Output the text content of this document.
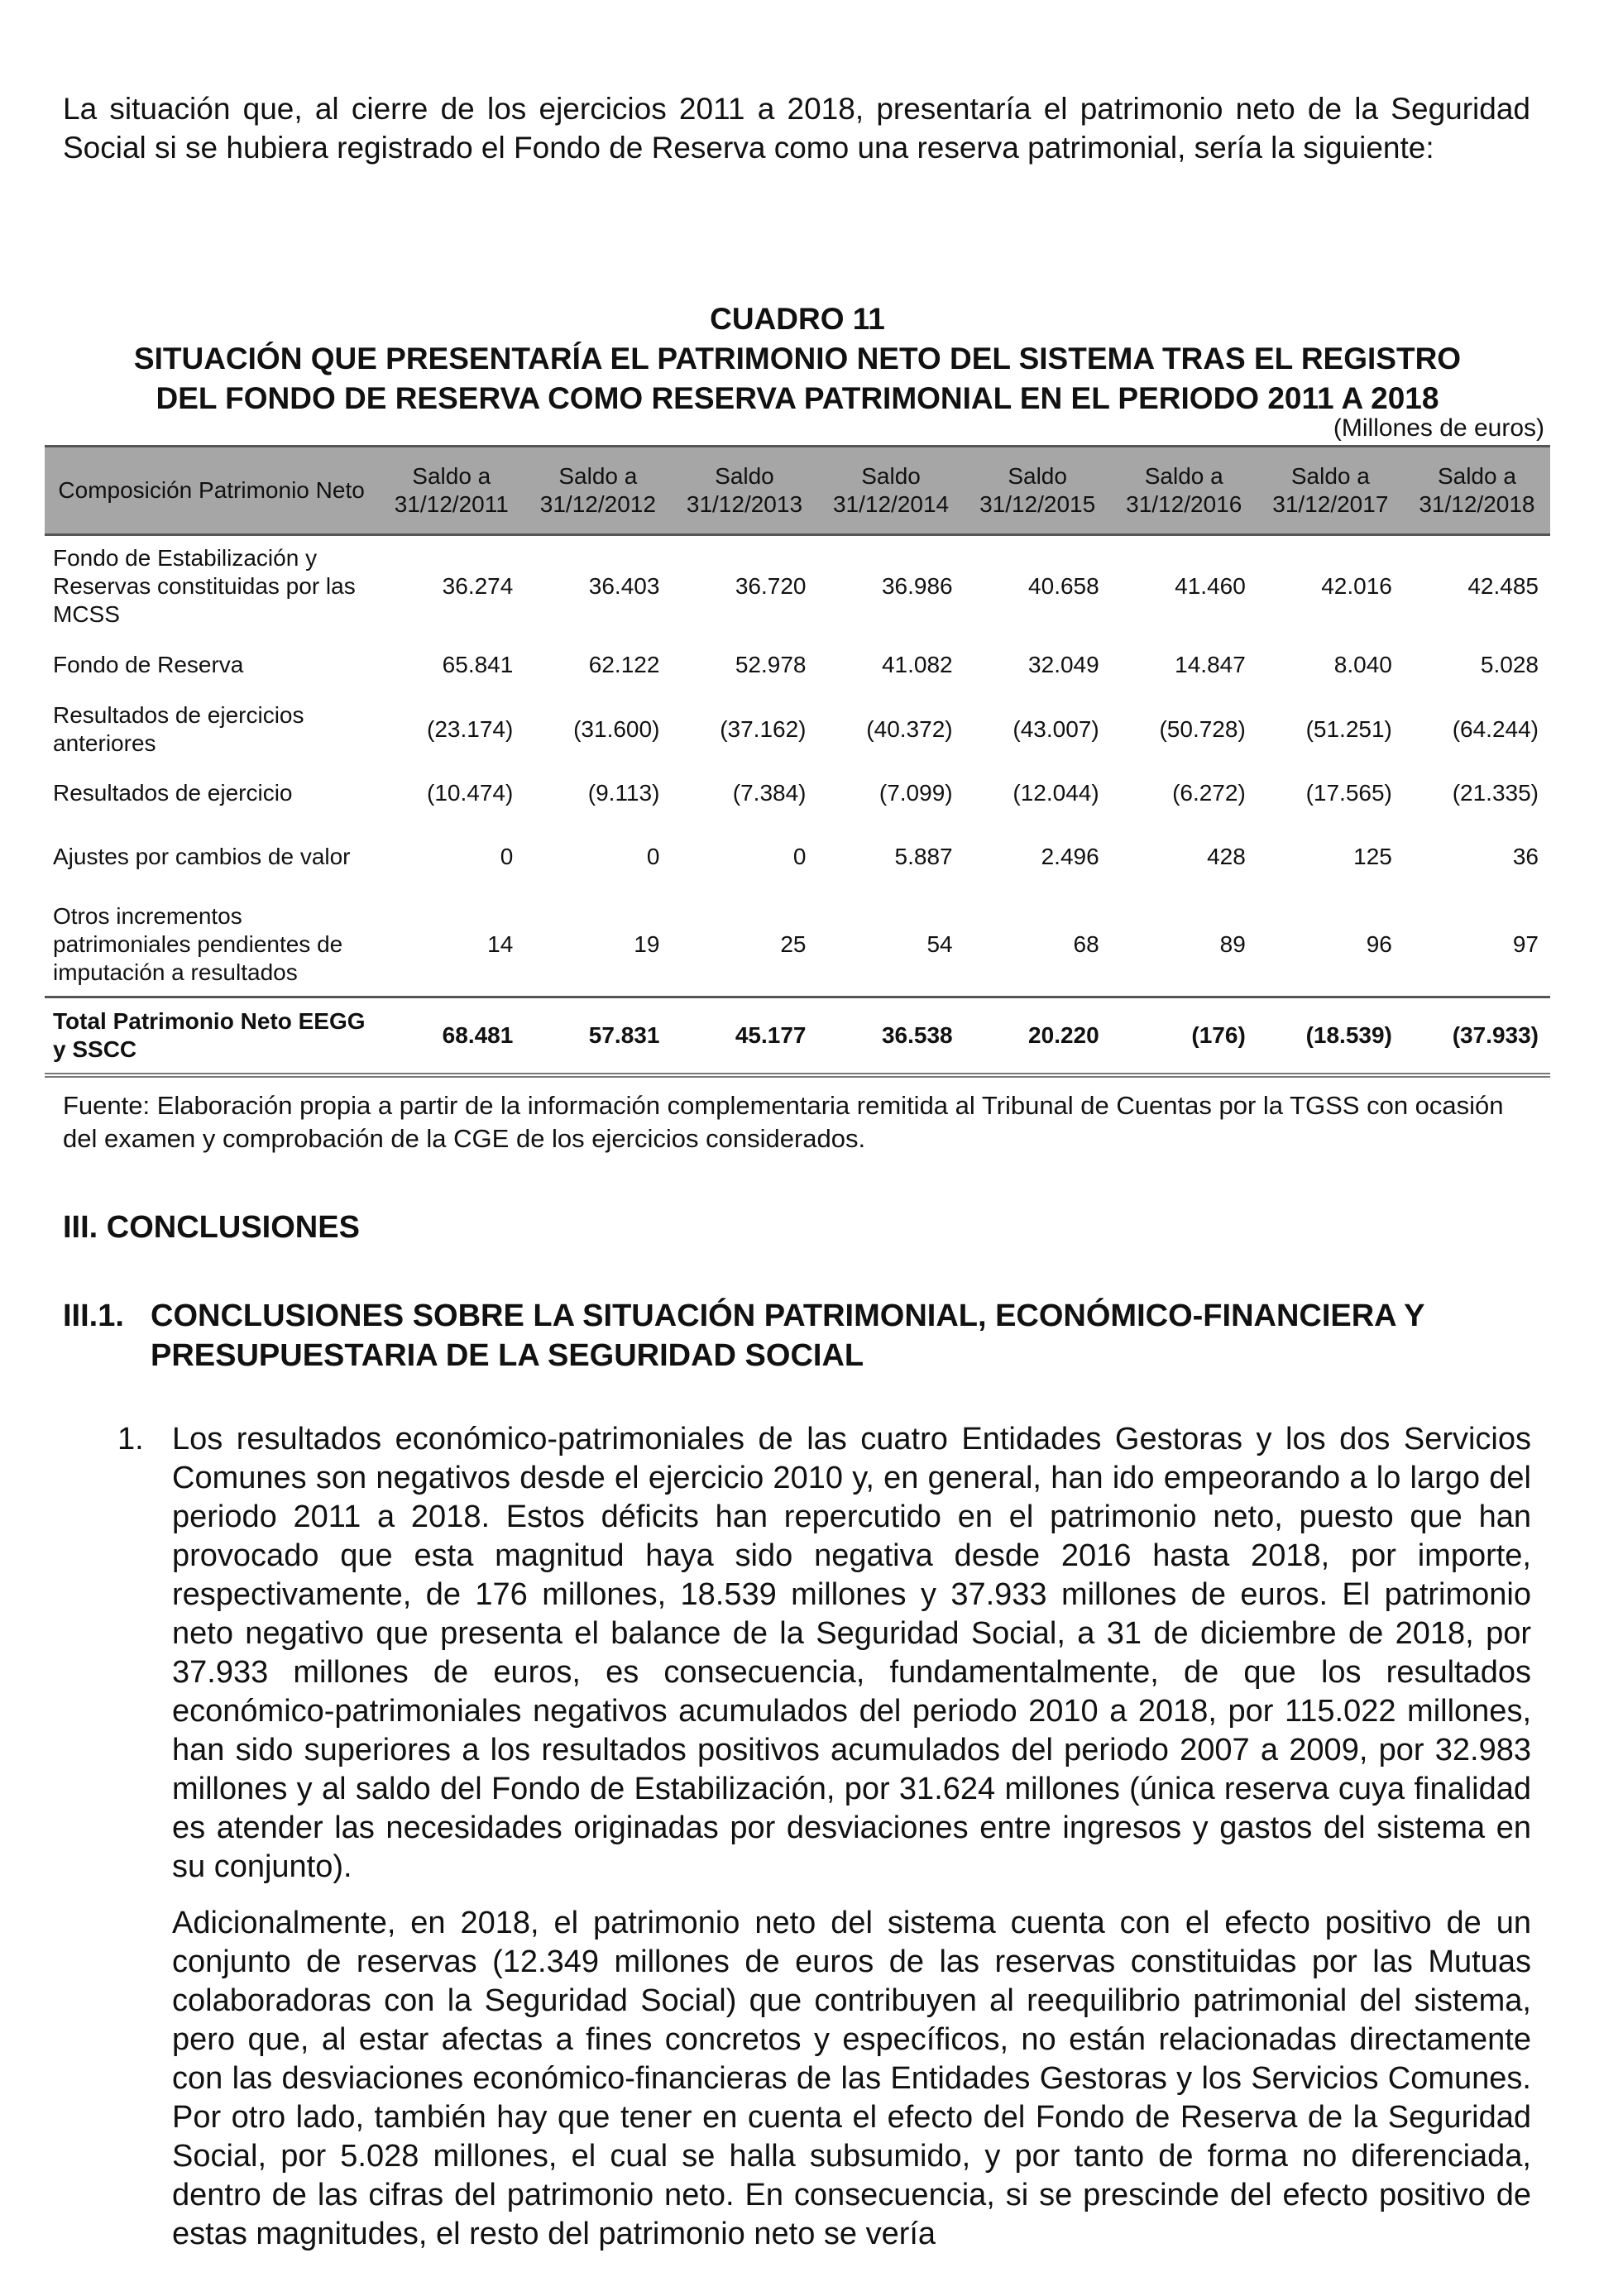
La situación que, al cierre de los ejercicios 2011 a 2018, presentaría el patrimonio neto de la Seguridad Social si se hubiera registrado el Fondo de Reserva como una reserva patrimonial, sería la siguiente:

CUADRO 11
SITUACIÓN QUE PRESENTARÍA EL PATRIMONIO NETO DEL SISTEMA TRAS EL REGISTRO
DEL FONDO DE RESERVA COMO RESERVA PATRIMONIAL EN EL PERIODO 2011 A 2018
(Millones de euros)
Composición Patrimonio Neto	Saldo a 31/12/2011	Saldo a 31/12/2012	Saldo 31/12/2013	Saldo 31/12/2014	Saldo 31/12/2015	Saldo a 31/12/2016	Saldo a 31/12/2017	Saldo a 31/12/2018
Fondo de Estabilización y Reservas constituidas por las MCSS	36.274	36.403	36.720	36.986	40.658	41.460	42.016	42.485
Fondo de Reserva	65.841	62.122	52.978	41.082	32.049	14.847	8.040	5.028
Resultados de ejercicios anteriores	(23.174)	(31.600)	(37.162)	(40.372)	(43.007)	(50.728)	(51.251)	(64.244)
Resultados de ejercicio	(10.474)	(9.113)	(7.384)	(7.099)	(12.044)	(6.272)	(17.565)	(21.335)
Ajustes por cambios de valor	0	0	0	5.887	2.496	428	125	36
Otros incrementos patrimoniales pendientes de imputación a resultados	14	19	25	54	68	89	96	97
Total Patrimonio Neto EEGG y SSCC	68.481	57.831	45.177	36.538	20.220	(176)	(18.539)	(37.933)

Fuente: Elaboración propia a partir de la información complementaria remitida al Tribunal de Cuentas por la TGSS con ocasión del examen y comprobación de la CGE de los ejercicios considerados.

III. CONCLUSIONES
III.1. CONCLUSIONES SOBRE LA SITUACIÓN PATRIMONIAL, ECONÓMICO-FINANCIERA Y PRESUPUESTARIA DE LA SEGURIDAD SOCIAL
1. Los resultados económico-patrimoniales de las cuatro Entidades Gestoras y los dos Servicios Comunes son negativos desde el ejercicio 2010 y, en general, han ido empeorando a lo largo del periodo 2011 a 2018. Estos déficits han repercutido en el patrimonio neto, puesto que han provocado que esta magnitud haya sido negativa desde 2016 hasta 2018, por importe, respectivamente, de 176 millones, 18.539 millones y 37.933 millones de euros. El patrimonio neto negativo que presenta el balance de la Seguridad Social, a 31 de diciembre de 2018, por 37.933 millones de euros, es consecuencia, fundamentalmente, de que los resultados económico-patrimoniales negativos acumulados del periodo 2010 a 2018, por 115.022 millones, han sido superiores a los resultados positivos acumulados del periodo 2007 a 2009, por 32.983 millones y al saldo del Fondo de Estabilización, por 31.624 millones (única reserva cuya finalidad es atender las necesidades originadas por desviaciones entre ingresos y gastos del sistema en su conjunto).

Adicionalmente, en 2018, el patrimonio neto del sistema cuenta con el efecto positivo de un conjunto de reservas (12.349 millones de euros de las reservas constituidas por las Mutuas colaboradoras con la Seguridad Social) que contribuyen al reequilibrio patrimonial del sistema, pero que, al estar afectas a fines concretos y específicos, no están relacionadas directamente con las desviaciones económico-financieras de las Entidades Gestoras y los Servicios Comunes. Por otro lado, también hay que tener en cuenta el efecto del Fondo de Reserva de la Seguridad Social, por 5.028 millones, el cual se halla subsumido, y por tanto de forma no diferenciada, dentro de las cifras del patrimonio neto. En consecuencia, si se prescinde del efecto positivo de estas magnitudes, el resto del patrimonio neto se vería
